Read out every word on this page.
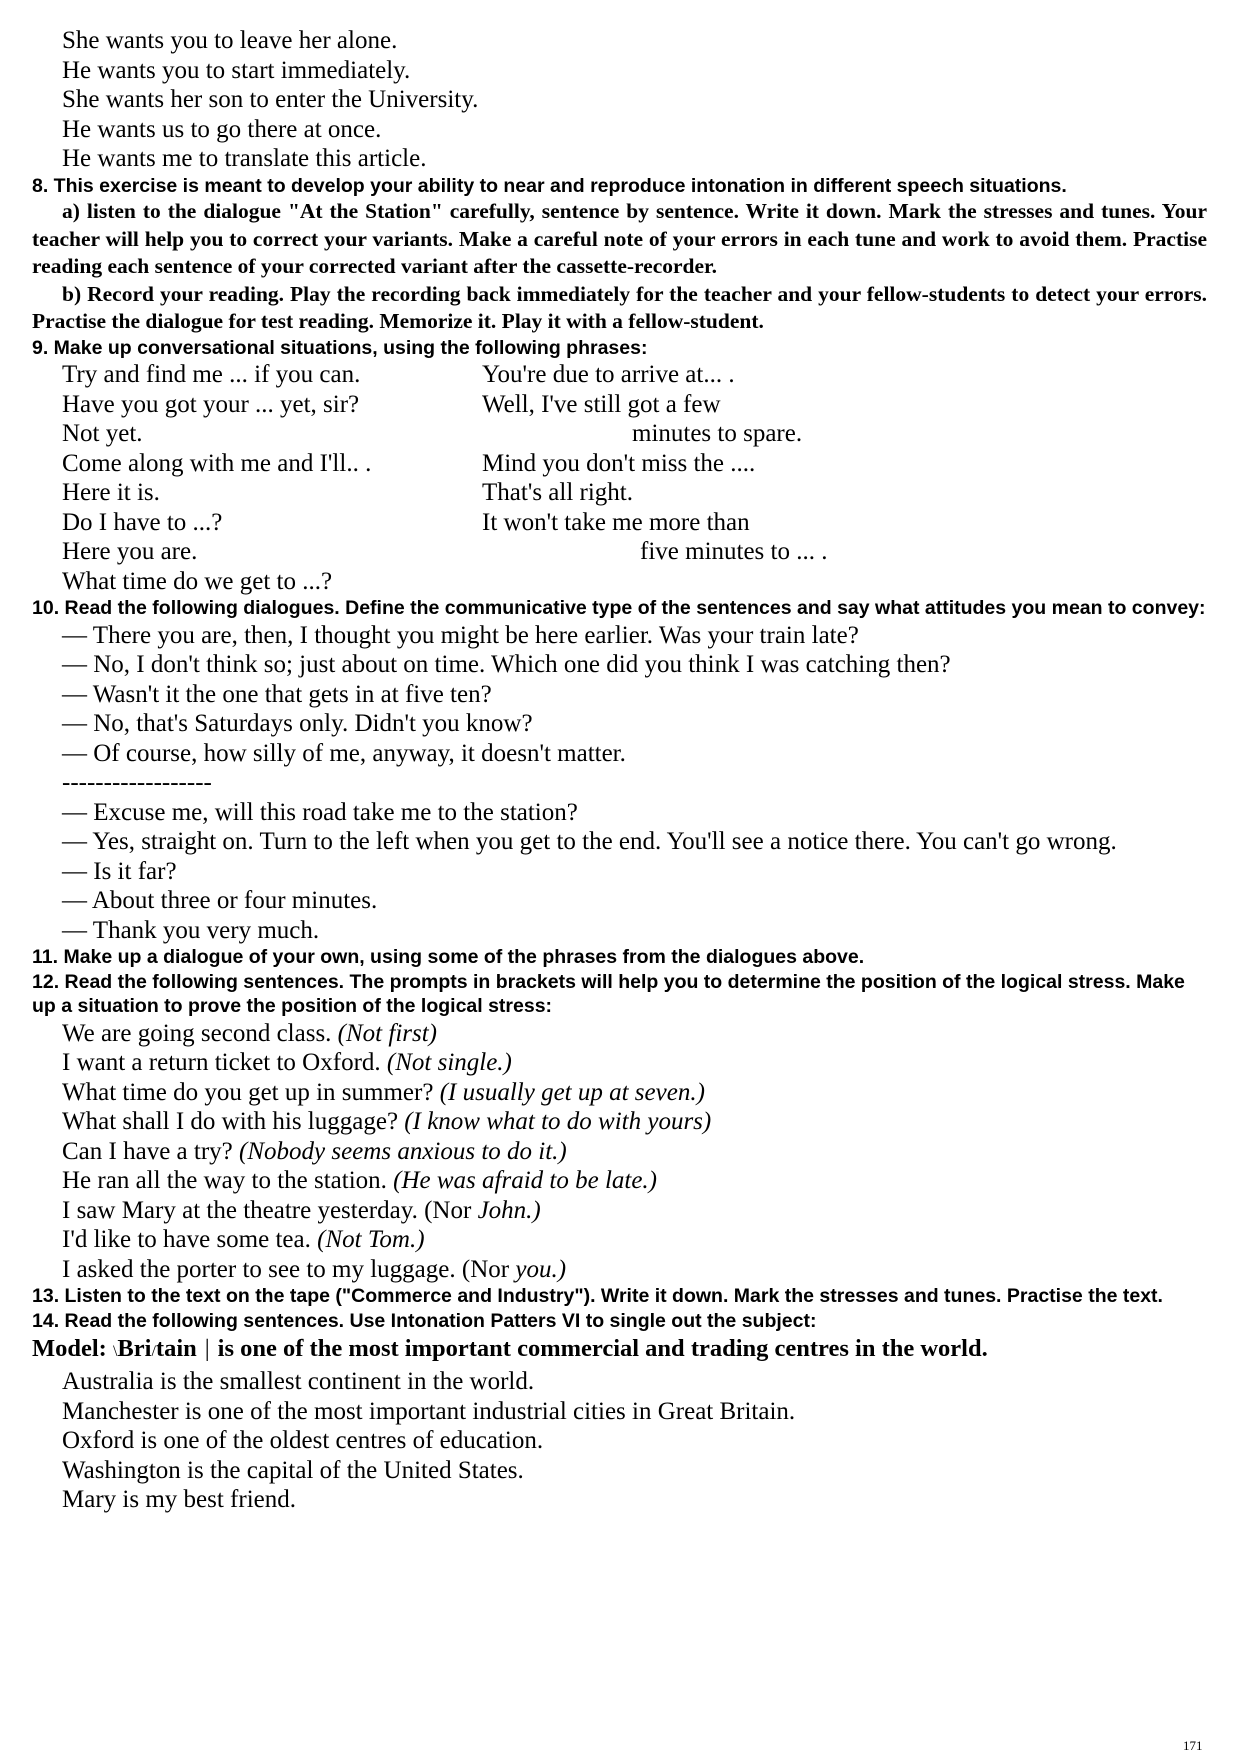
She wants you to leave her alone.
He wants you to start immediately.
She wants her son to enter the University.
He wants us to go there at once.
He wants me to translate this article.
8. This exercise is meant to develop your ability to near and reproduce intonation in different speech situations.
a) listen to the dialogue "At the Station" carefully, sentence by sentence. Write it down. Mark the stresses and tunes. Your teacher will help you to correct your variants. Make a careful note of your errors in each tune and work to avoid them. Practise reading each sentence of your corrected variant after the cassette-recorder.
b) Record your reading. Play the recording back immediately for the teacher and your fellow-students to detect your errors. Practise the dialogue for test reading. Memorize it. Play it with a fellow-student.
9. Make up conversational situations, using the following phrases:
Try and find me ... if you can.	You're due to arrive at... .
Have you got your ... yet, sir?	Well, I've still got a few
Not yet.	minutes to spare.
Come along with me and I'll.. .	Mind you don't miss the ....
Here it is.	That's all right.
Do I have to ...?	It won't take me more than
Here you are.	five minutes to ... .
What time do we get to ...?
10. Read the following dialogues. Define the communicative type of the sentences and say what attitudes you mean to convey:
— There you are, then, I thought you might be here earlier. Was your train late?
— No, I don't think so; just about on time. Which one did you think I was catching then?
— Wasn't it the one that gets in at five ten?
— No, that's Saturdays only. Didn't you know?
— Of course, how silly of me, anyway, it doesn't matter.
------------------
— Excuse me, will this road take me to the station?
— Yes, straight on. Turn to the left when you get to the end. You'll see a notice there. You can't go wrong.
— Is it far?
— About three or four minutes.
— Thank you very much.
11. Make up a dialogue of your own, using some of the phrases from the dialogues above.
12. Read the following sentences. The prompts in brackets will help you to determine the position of the logical stress. Make up a situation to prove the position of the logical stress:
We are going second class. (Not first)
I want a return ticket to Oxford. (Not single.)
What time do you get up in summer? (I usually get up at seven.)
What shall I do with his luggage? (I know what to do with yours)
Can I have a try? (Nobody seems anxious to do it.)
He ran all the way to the station. (He was afraid to be late.)
I saw Mary at the theatre yesterday. (Nor John.)
I'd like to have some tea. (Not Tom.)
I asked the porter to see to my luggage. (Nor you.)
13. Listen to the text on the tape ("Commerce and Industry"). Write it down. Mark the stresses and tunes. Practise the text.
14. Read the following sentences. Use Intonation Patters VI to single out the subject:
Model: \Bri/tain | is one of the most important commercial and trading centres in the world.
Australia is the smallest continent in the world.
Manchester is one of the most important industrial cities in Great Britain.
Oxford is one of the oldest centres of education.
Washington is the capital of the United States.
Mary is my best friend.
171
